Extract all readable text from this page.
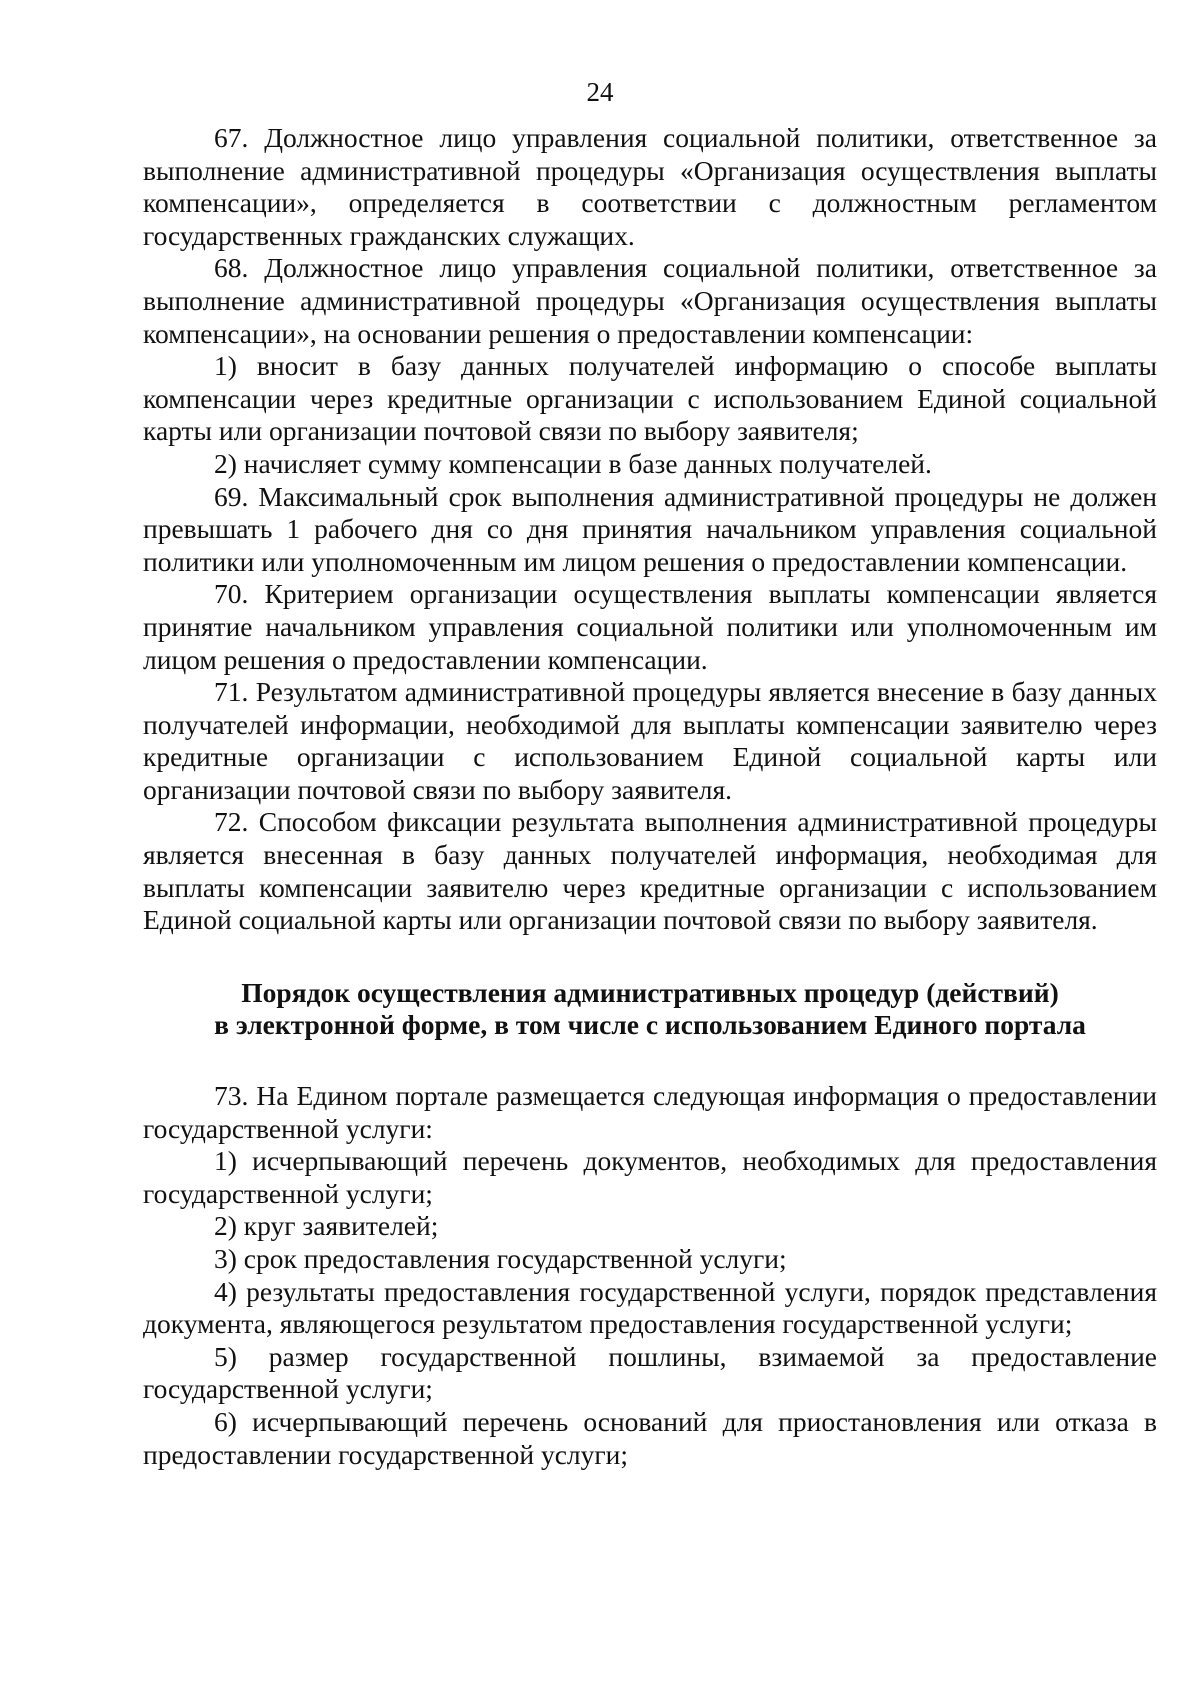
24

67. Должностное лицо управления социальной политики, ответственное за выполнение административной процедуры «Организация осуществления выплаты компенсации», определяется в соответствии с должностным регламентом государственных гражданских служащих.

68. Должностное лицо управления социальной политики, ответственное за выполнение административной процедуры «Организация осуществления выплаты компенсации», на основании решения о предоставлении компенсации:

1) вносит в базу данных получателей информацию о способе выплаты компенсации через кредитные организации с использованием Единой социальной карты или организации почтовой связи по выбору заявителя;

2) начисляет сумму компенсации в базе данных получателей.

69. Максимальный срок выполнения административной процедуры не должен превышать 1 рабочего дня со дня принятия начальником управления социальной политики или уполномоченным им лицом решения о предоставлении компенсации.

70. Критерием организации осуществления выплаты компенсации является принятие начальником управления социальной политики или уполномоченным им лицом решения о предоставлении компенсации.

71. Результатом административной процедуры является внесение в базу данных получателей информации, необходимой для выплаты компенсации заявителю через кредитные организации с использованием Единой социальной карты или организации почтовой связи по выбору заявителя.

72. Способом фиксации результата выполнения административной процедуры является внесенная в базу данных получателей информация, необходимая для выплаты компенсации заявителю через кредитные организации с использованием Единой социальной карты или организации почтовой связи по выбору заявителя.

Порядок осуществления административных процедур (действий)
в электронной форме, в том числе с использованием Единого портала

73. На Едином портале размещается следующая информация о предоставлении государственной услуги:

1) исчерпывающий перечень документов, необходимых для предоставления государственной услуги;

2) круг заявителей;

3) срок предоставления государственной услуги;

4) результаты предоставления государственной услуги, порядок представления документа, являющегося результатом предоставления государственной услуги;

5) размер государственной пошлины, взимаемой за предоставление государственной услуги;

6) исчерпывающий перечень оснований для приостановления или отказа в предоставлении государственной услуги;
